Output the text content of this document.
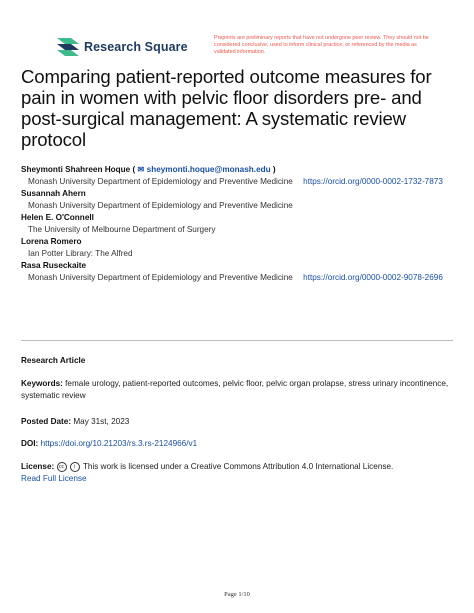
Research Square
Preprints are preliminary reports that have not undergone peer review. They should not be considered conclusive, used to inform clinical practice, or referenced by the media as validated information.
Comparing patient-reported outcome measures for pain in women with pelvic floor disorders pre- and post-surgical management: A systematic review protocol
Sheymonti Shahreen Hoque ( ✉ sheymonti.hoque@monash.edu )
Monash University Department of Epidemiology and Preventive Medicine https://orcid.org/0000-0002-1732-7873
Susannah Ahern
Monash University Department of Epidemiology and Preventive Medicine
Helen E. O'Connell
The University of Melbourne Department of Surgery
Lorena Romero
Ian Potter Library: The Alfred
Rasa Ruseckaite
Monash University Department of Epidemiology and Preventive Medicine https://orcid.org/0000-0002-9078-2696
Research Article
Keywords: female urology, patient-reported outcomes, pelvic floor, pelvic organ prolapse, stress urinary incontinence, systematic review
Posted Date: May 31st, 2023
DOI: https://doi.org/10.21203/rs.3.rs-2124966/v1
License: cc i This work is licensed under a Creative Commons Attribution 4.0 International License.
Read Full License
Page 1/10
